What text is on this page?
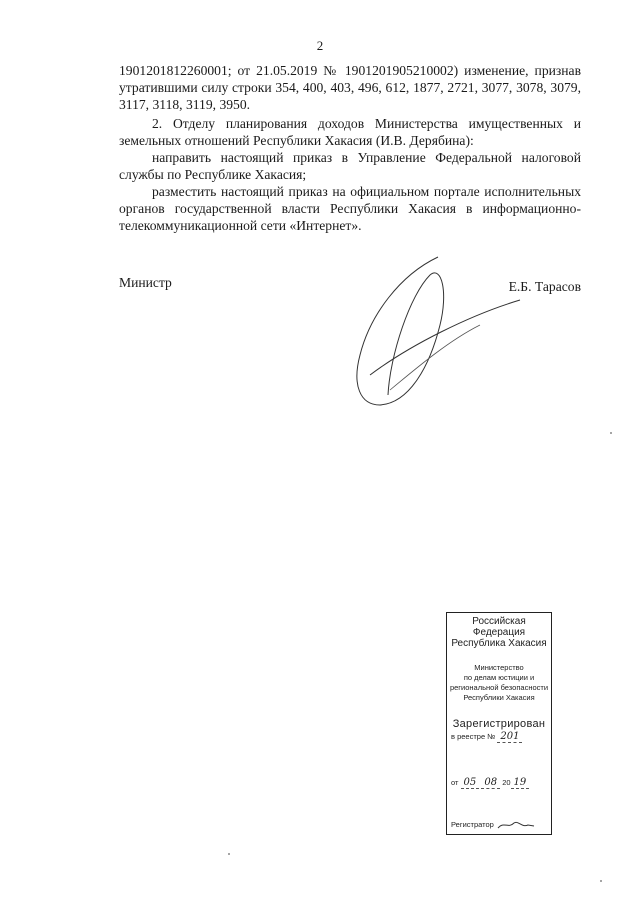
2

1901201812260001; от 21.05.2019 № 1901201905210002) изменение, признав утратившими силу строки 354, 400, 403, 496, 612, 1877, 2721, 3077, 3078, 3079, 3117, 3118, 3119, 3950.

2. Отделу планирования доходов Министерства имущественных и земельных отношений Республики Хакасия (И.В. Дерябина):

направить настоящий приказ в Управление Федеральной налоговой службы по Республике Хакасия;

разместить настоящий приказ на официальном портале исполнительных органов государственной власти Республики Хакасия в информационно-телекоммуникационной сети «Интернет».

Министр	Е.Б. Тарасов
Российская Федерация
Республика Хакасия
Министерство
по делам юстиции и
региональной безопасности
Республики Хакасия
Зарегистрирован
в реестре № 201
от 05 08 20 19
Регистратор
